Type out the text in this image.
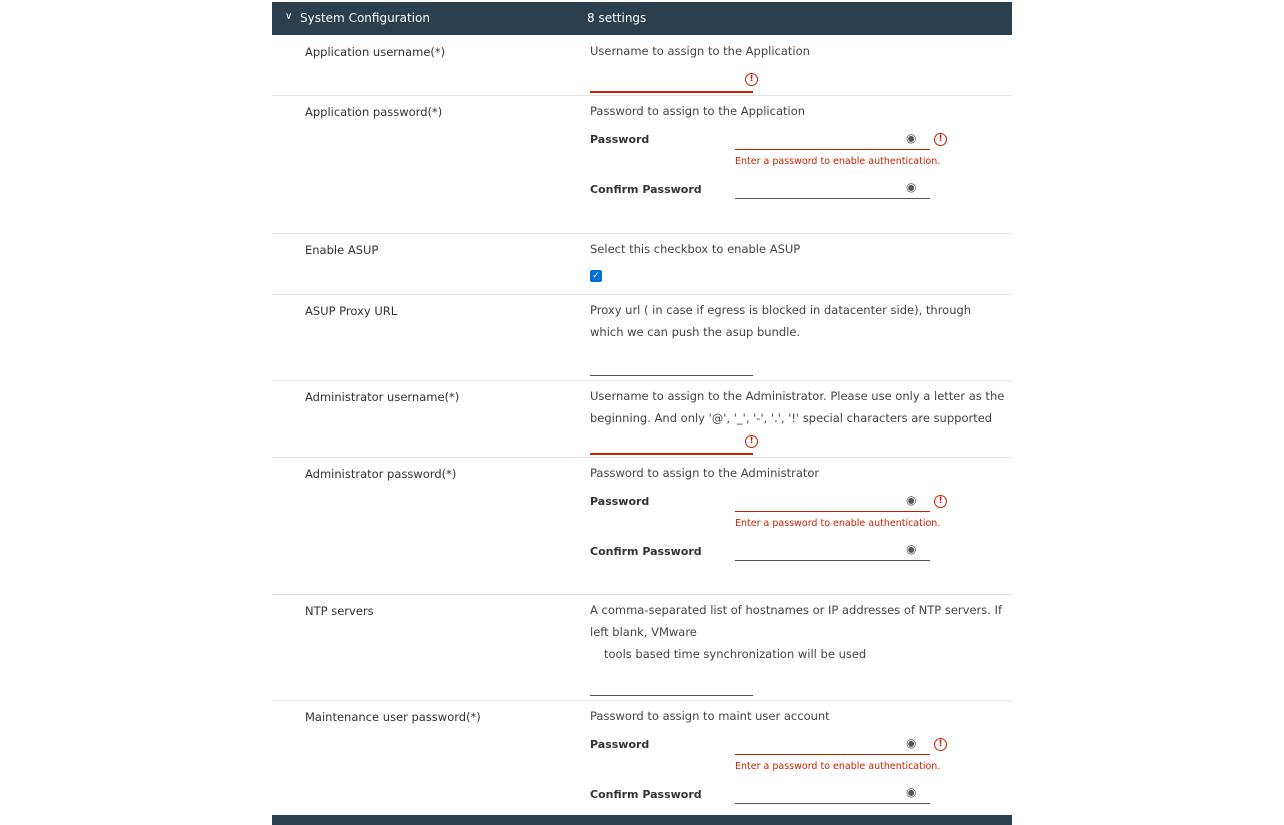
∨ System Configuration	8 settings
Application username(*)	Username to assign to the Application
!
Application password(*)	Password to assign to the Application
Password	◉	!
Enter a password to enable authentication.
Confirm Password	◉
Enable ASUP	Select this checkbox to enable ASUP
✓
ASUP Proxy URL	Proxy url ( in case if egress is blocked in datacenter side), through which we can push the asup bundle.
Administrator username(*)	Username to assign to the Administrator. Please use only a letter as the beginning. And only '@', '_', '-', '.', '!' special characters are supported
!
Administrator password(*)	Password to assign to the Administrator
Password	◉	!
Enter a password to enable authentication.
Confirm Password	◉
NTP servers	A comma-separated list of hostnames or IP addresses of NTP servers. If left blank, VMware
tools based time synchronization will be used
Maintenance user password(*)	Password to assign to maint user account
Password	◉	!
Enter a password to enable authentication.
Confirm Password	◉
